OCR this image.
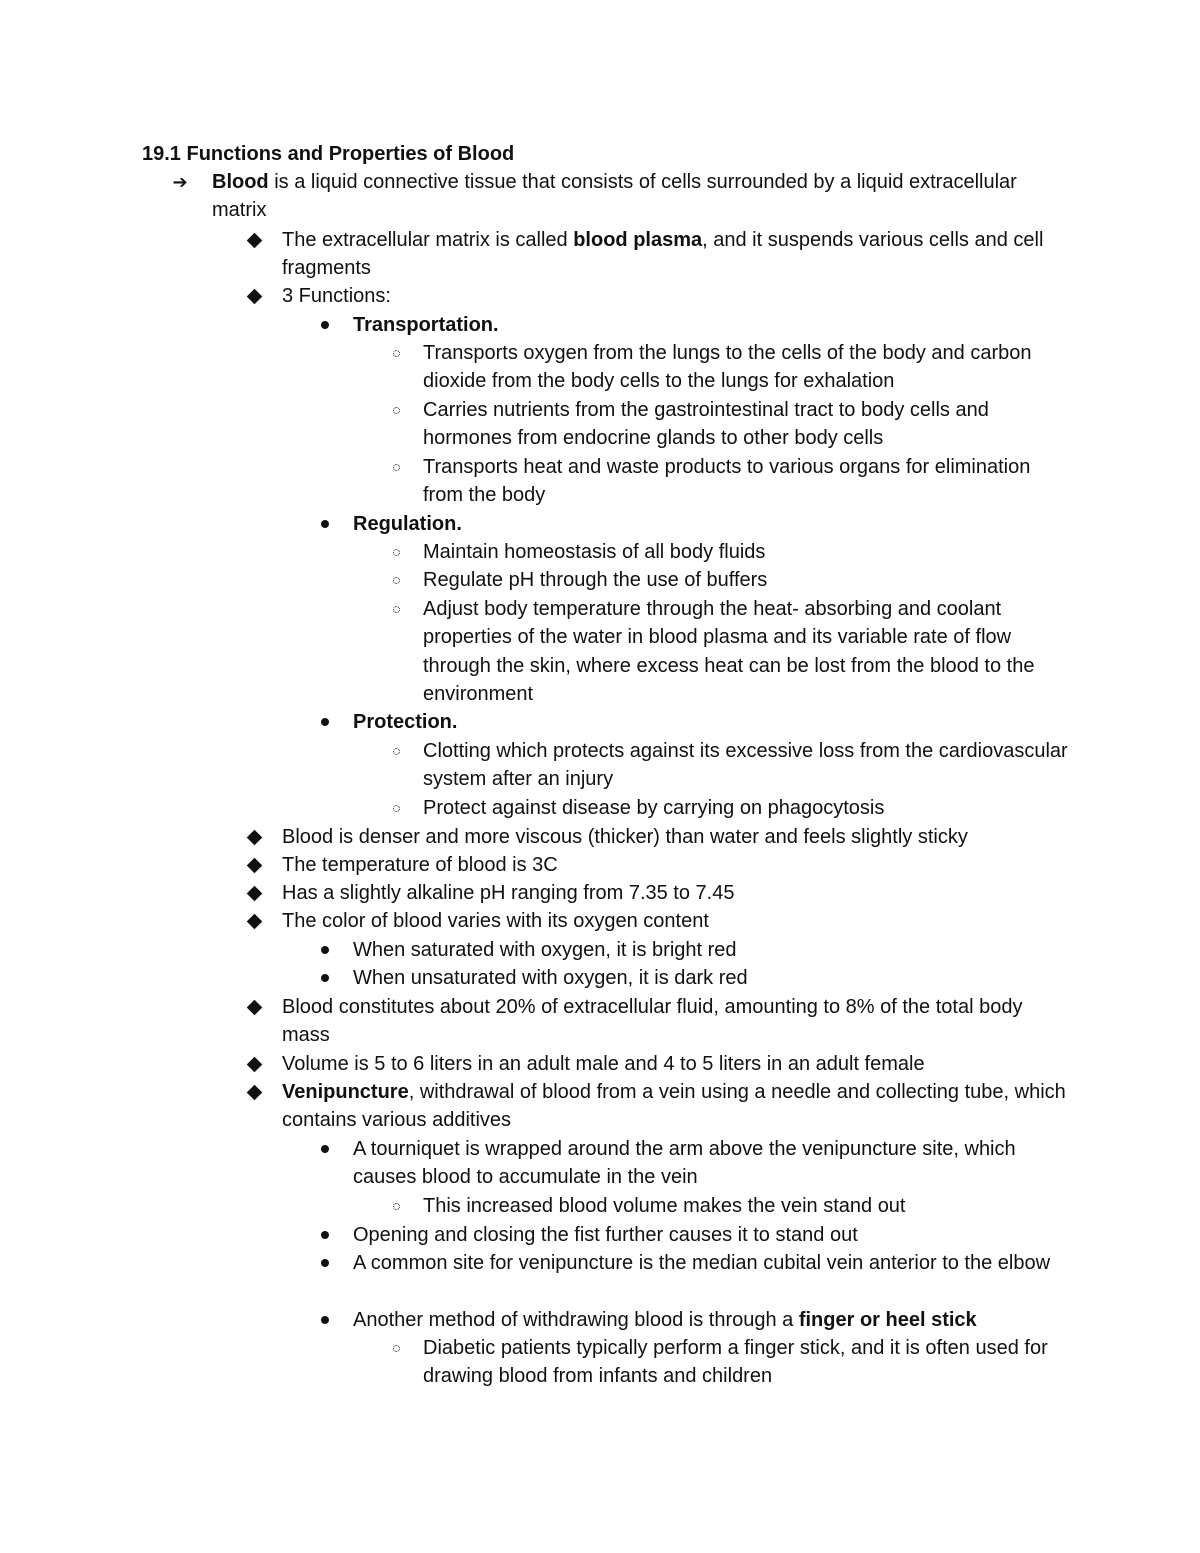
19.1 Functions and Properties of Blood
➔ Blood is a liquid connective tissue that consists of cells surrounded by a liquid extracellular matrix
The extracellular matrix is called blood plasma, and it suspends various cells and cell fragments
3 Functions:
Transportation.
Transports oxygen from the lungs to the cells of the body and carbon dioxide from the body cells to the lungs for exhalation
Carries nutrients from the gastrointestinal tract to body cells and hormones from endocrine glands to other body cells
Transports heat and waste products to various organs for elimination from the body
Regulation.
Maintain homeostasis of all body fluids
Regulate pH through the use of buffers
Adjust body temperature through the heat- absorbing and coolant properties of the water in blood plasma and its variable rate of flow through the skin, where excess heat can be lost from the blood to the environment
Protection.
Clotting which protects against its excessive loss from the cardiovascular system after an injury
Protect against disease by carrying on phagocytosis
Blood is denser and more viscous (thicker) than water and feels slightly sticky
The temperature of blood is 3C
Has a slightly alkaline pH ranging from 7.35 to 7.45
The color of blood varies with its oxygen content
When saturated with oxygen, it is bright red
When unsaturated with oxygen, it is dark red
Blood constitutes about 20% of extracellular fluid, amounting to 8% of the total body mass
Volume is 5 to 6 liters in an adult male and 4 to 5 liters in an adult female
Venipuncture, withdrawal of blood from a vein using a needle and collecting tube, which contains various additives
A tourniquet is wrapped around the arm above the venipuncture site, which causes blood to accumulate in the vein
This increased blood volume makes the vein stand out
Opening and closing the fist further causes it to stand out
A common site for venipuncture is the median cubital vein anterior to the elbow
Another method of withdrawing blood is through a finger or heel stick
Diabetic patients typically perform a finger stick, and it is often used for drawing blood from infants and children
